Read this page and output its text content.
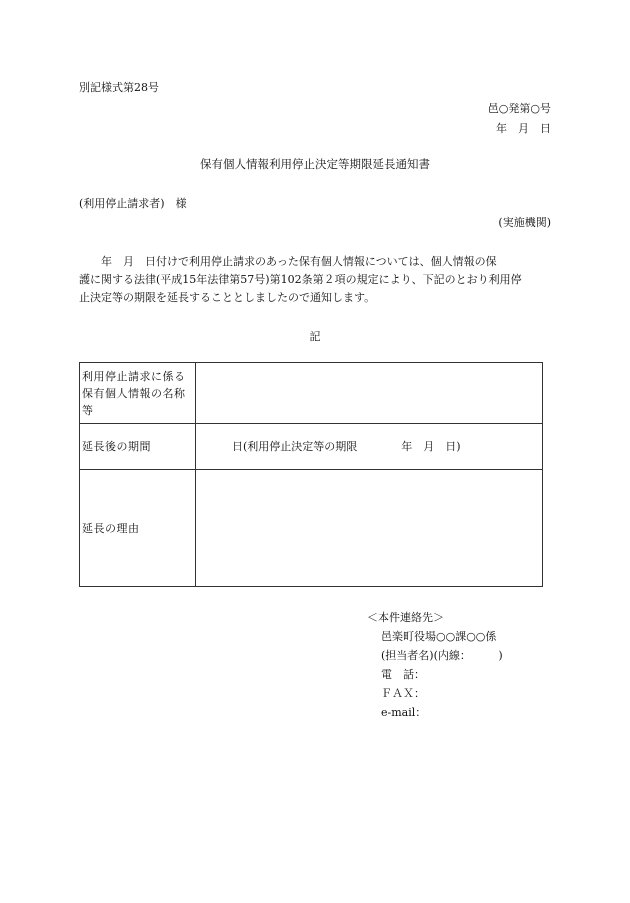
別記様式第28号
邑○発第○号
年　月　日
保有個人情報利用停止決定等期限延長通知書
(利用停止請求者)　様
(実施機関)
　　年　月　日付けで利用停止請求のあった保有個人情報については、個人情報の保
護に関する法律(平成15年法律第57号)第102条第２項の規定により、下記のとおり利用停
止決定等の期限を延長することとしましたので通知します。
記
利用停止請求に係る
保有個人情報の名称
等	

延長後の期間	日(利用停止決定等の期限　　　　年　月　日)

延長の理由	

＜本件連絡先＞
邑楽町役場○○課○○係
(担当者名)(内線：　　　)
電　話：
ＦＡＸ：
e-mail：
